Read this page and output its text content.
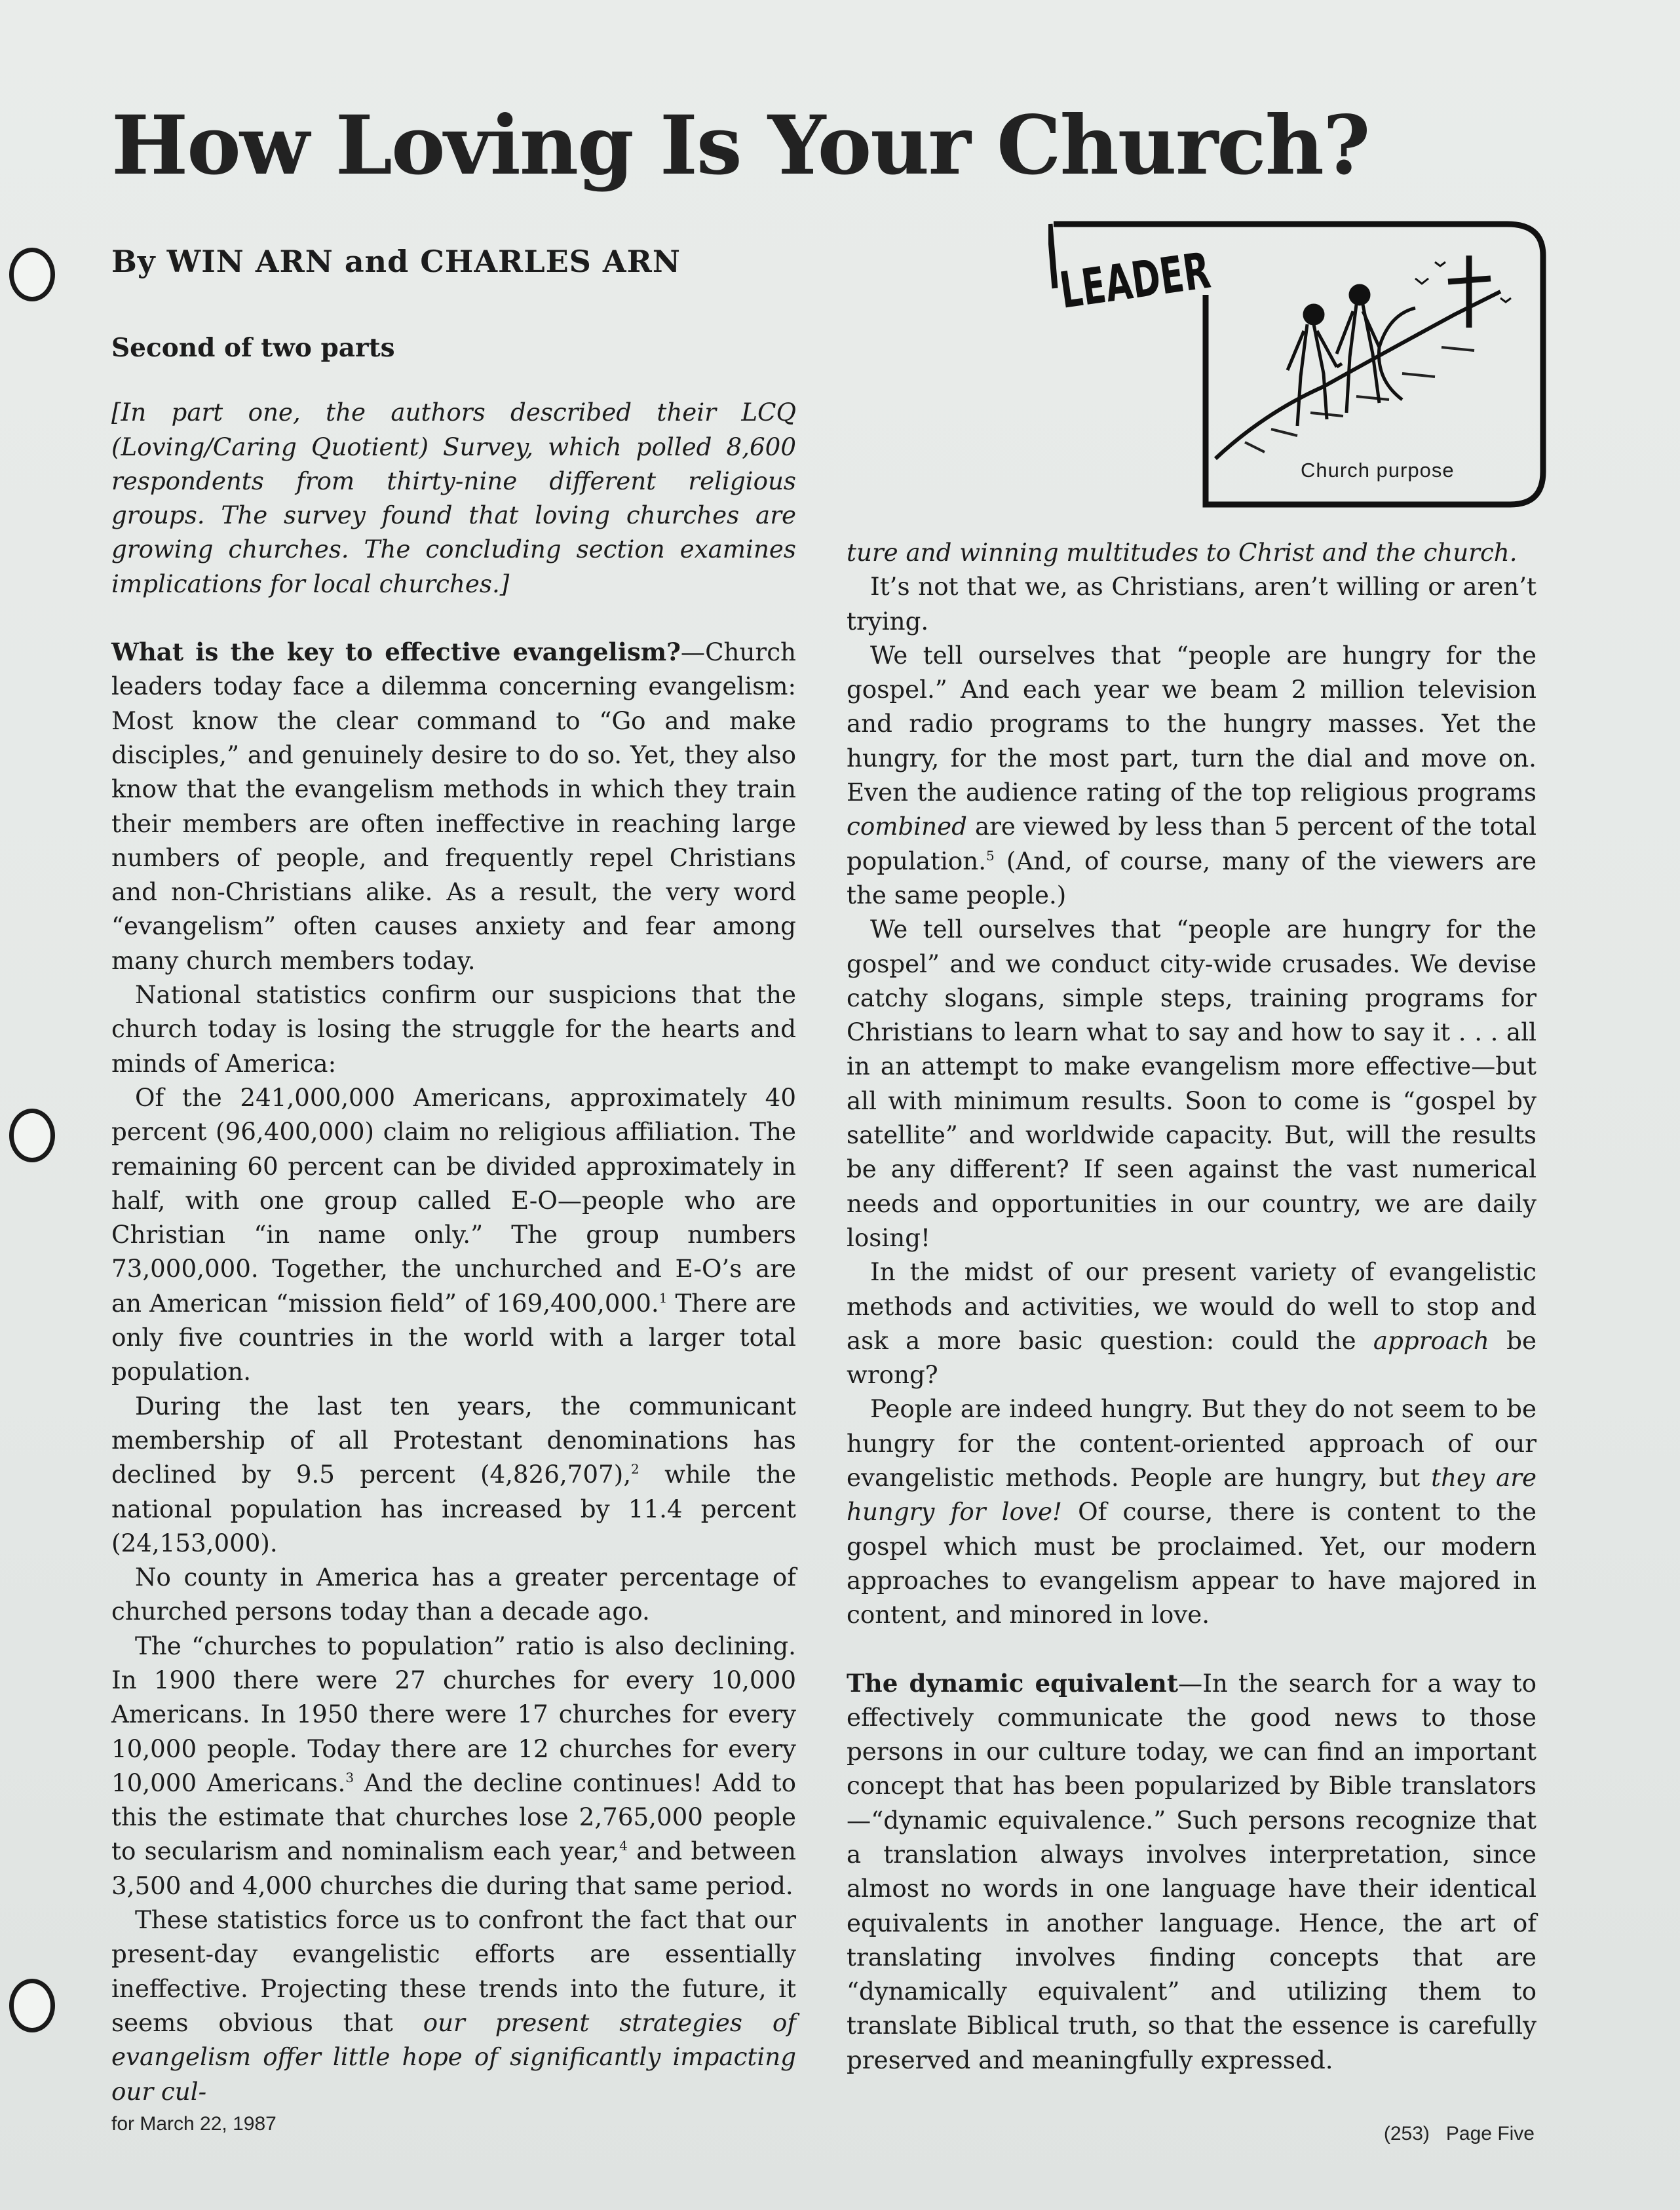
How Loving Is Your Church?
By WIN ARN and CHARLES ARN	LEADER
Church purpose

Second of two parts

[In part one, the authors described their LCQ (Loving/Caring Quotient) Survey, which polled 8,600 respondents from thirty-nine different religious groups. The survey found that loving churches are growing churches. The concluding section examines implications for local churches.]

What is the key to effective evangelism?—Church leaders today face a dilemma concerning evangelism: Most know the clear command to “Go and make disciples,” and genuinely desire to do so. Yet, they also know that the evangelism methods in which they train their members are often ineffective in reaching large numbers of people, and frequently repel Christians and non-Christians alike. As a result, the very word “evangelism” often causes anxiety and fear among many church members today.

National statistics confirm our suspicions that the church today is losing the struggle for the hearts and minds of America:

Of the 241,000,000 Americans, approximately 40 percent (96,400,000) claim no religious affiliation. The remaining 60 percent can be divided approximately in half, with one group called E-O—people who are Christian “in name only.” The group numbers 73,000,000. Together, the unchurched and E-O’s are an American “mission field” of 169,400,000.$^1$ There are only five countries in the world with a larger total population.

During the last ten years, the communicant membership of all Protestant denominations has declined by 9.5 percent (4,826,707),$^2$ while the national population has increased by 11.4 percent (24,153,000).

No county in America has a greater percentage of churched persons today than a decade ago.

The “churches to population” ratio is also declining. In 1900 there were 27 churches for every 10,000 Americans. In 1950 there were 17 churches for every 10,000 people. Today there are 12 churches for every 10,000 Americans.$^3$ And the decline continues! Add to this the estimate that churches lose 2,765,000 people to secularism and nominalism each year,$^4$ and between 3,500 and 4,000 churches die during that same period.

These statistics force us to confront the fact that our present-day evangelistic efforts are essentially ineffective. Projecting these trends into the future, it seems obvious that our present strategies of evangelism offer little hope of significantly impacting our cul-

ture and winning multitudes to Christ and the church.

It’s not that we, as Christians, aren’t willing or aren’t trying.

We tell ourselves that “people are hungry for the gospel.” And each year we beam 2 million television and radio programs to the hungry masses. Yet the hungry, for the most part, turn the dial and move on. Even the audience rating of the top religious programs combined are viewed by less than 5 percent of the total population.$^5$ (And, of course, many of the viewers are the same people.)

We tell ourselves that “people are hungry for the gospel” and we conduct city-wide crusades. We devise catchy slogans, simple steps, training programs for Christians to learn what to say and how to say it . . . all in an attempt to make evangelism more effective—but all with minimum results. Soon to come is “gospel by satellite” and worldwide capacity. But, will the results be any different? If seen against the vast numerical needs and opportunities in our country, we are daily losing!

In the midst of our present variety of evangelistic methods and activities, we would do well to stop and ask a more basic question: could the approach be wrong?

People are indeed hungry. But they do not seem to be hungry for the content-oriented approach of our evangelistic methods. People are hungry, but they are hungry for love! Of course, there is content to the gospel which must be proclaimed. Yet, our modern approaches to evangelism appear to have majored in content, and minored in love.

The dynamic equivalent—In the search for a way to effectively communicate the good news to those persons in our culture today, we can find an important concept that has been popularized by Bible translators—“dynamic equivalence.” Such persons recognize that a translation always involves interpretation, since almost no words in one language have their identical equivalents in another language. Hence, the art of translating involves finding concepts that are “dynamically equivalent” and utilizing them to translate Biblical truth, so that the essence is carefully preserved and meaningfully expressed.

for March 22, 1987	(253)   Page Five
